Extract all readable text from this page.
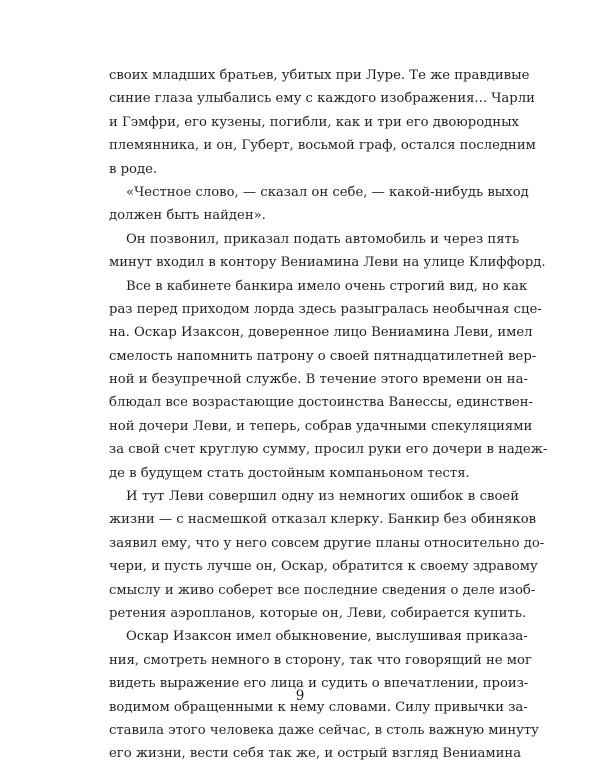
своих младших братьев, убитых при Луре. Те же правдивые
синие глаза улыбались ему с каждого изображения... Чарли
и Гэмфри, его кузены, погибли, как и три его двоюродных
племянника, и он, Губерт, восьмой граф, остался последним
в роде.
«Честное слово, — сказал он себе, — какой-нибудь выход
должен быть найден».
Он позвонил, приказал подать автомобиль и через пять
минут входил в контору Вениамина Леви на улице Клиффорд.
Все в кабинете банкира имело очень строгий вид, но как
раз перед приходом лорда здесь разыгралась необычная сце-
на. Оскар Изаксон, доверенное лицо Вениамина Леви, имел
смелость напомнить патрону о своей пятнадцатилетней вер-
ной и безупречной службе. В течение этого времени он на-
блюдал все возрастающие достоинства Ванессы, единствен-
ной дочери Леви, и теперь, собрав удачными спекуляциями
за свой счет круглую сумму, просил руки его дочери в надеж-
де в будущем стать достойным компаньоном тестя.
И тут Леви совершил одну из немногих ошибок в своей
жизни — с насмешкой отказал клерку. Банкир без обиняков
заявил ему, что у него совсем другие планы относительно до-
чери, и пусть лучше он, Оскар, обратится к своему здравому
смыслу и живо соберет все последние сведения о деле изоб-
ретения аэропланов, которые он, Леви, собирается купить.
Оскар Изаксон имел обыкновение, выслушивая приказа-
ния, смотреть немного в сторону, так что говорящий не мог
видеть выражение его лица и судить о впечатлении, произ-
водимом обращенными к нему словами. Силу привычки за-
ставила этого человека даже сейчас, в столь важную минуту
его жизни, вести себя так же, и острый взгляд Вениамина
9
